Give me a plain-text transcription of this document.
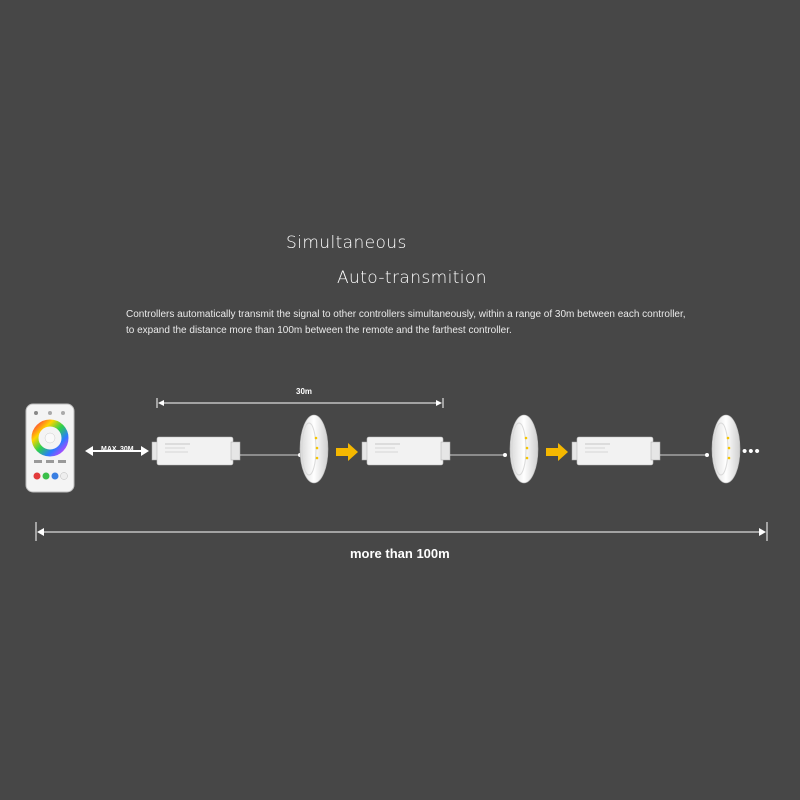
Simultaneous
Auto-transmition
Controllers automatically transmit the signal to other controllers simultaneously, within a range of 30m between each controller,
to expand the distance more than 100m between the remote and the farthest controller.
MAX 30M
30m
•••
more than 100m
